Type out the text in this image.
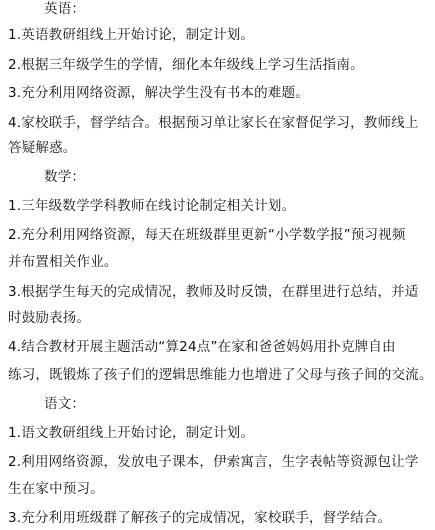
英语：
1.英语教研组线上开始讨论，制定计划。
2.根据三年级学生的学情，细化本年级线上学习生活指南。
3.充分利用网络资源，解决学生没有书本的难题。
4.家校联手，督学结合。根据预习单让家长在家督促学习，教师线上
答疑解惑。
数学：
1.三年级数学学科教师在线讨论制定相关计划。
2.充分利用网络资源，每天在班级群里更新“小学数学报”预习视频
并布置相关作业。
3.根据学生每天的完成情况，教师及时反馈，在群里进行总结，并适
时鼓励表扬。
4.结合教材开展主题活动“算24点”在家和爸爸妈妈用扑克牌自由
练习，既锻炼了孩子们的逻辑思维能力也增进了父母与孩子间的交流。
语文：
1.语文教研组线上开始讨论，制定计划。
2.利用网络资源，发放电子课本，伊索寓言，生字表帖等资源包让学
生在家中预习。
3.充分利用班级群了解孩子的完成情况，家校联手，督学结合。
